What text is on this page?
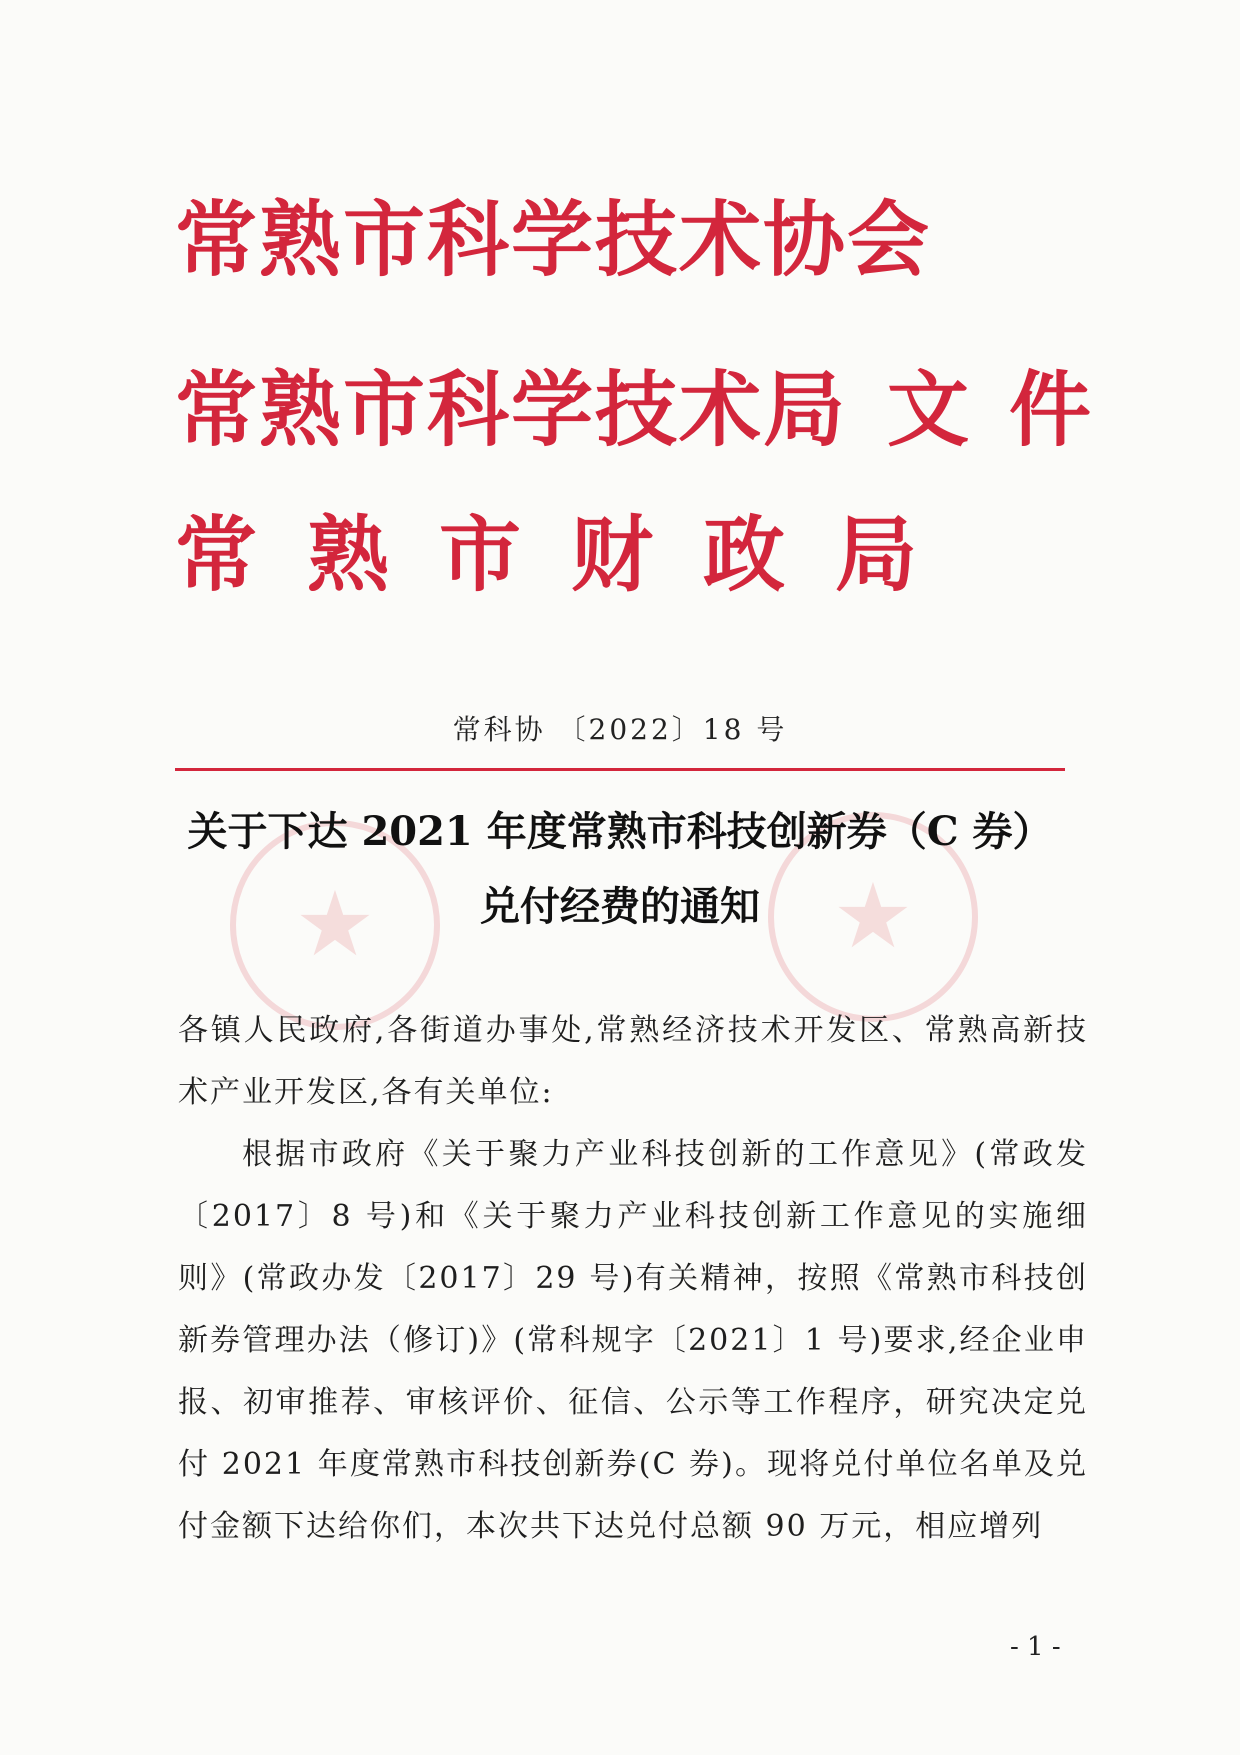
★	★
常熟市科学技术协会
常熟市科学技术局 文件
常熟市财政局
常科协 〔2022〕18 号
关于下达 2021 年度常熟市科技创新券（C 券）
兑付经费的通知

各镇人民政府,各街道办事处,常熟经济技术开发区、常熟高新技术产业开发区,各有关单位:

根据市政府《关于聚力产业科技创新的工作意见》(常政发〔2017〕8 号)和《关于聚力产业科技创新工作意见的实施细则》(常政办发〔2017〕29 号)有关精神，按照《常熟市科技创新券管理办法（修订)》(常科规字〔2021〕1 号)要求,经企业申报、初审推荐、审核评价、征信、公示等工作程序，研究决定兑付 2021 年度常熟市科技创新券(C 券)。现将兑付单位名单及兑付金额下达给你们，本次共下达兑付总额 90 万元，相应增列

- 1 -
